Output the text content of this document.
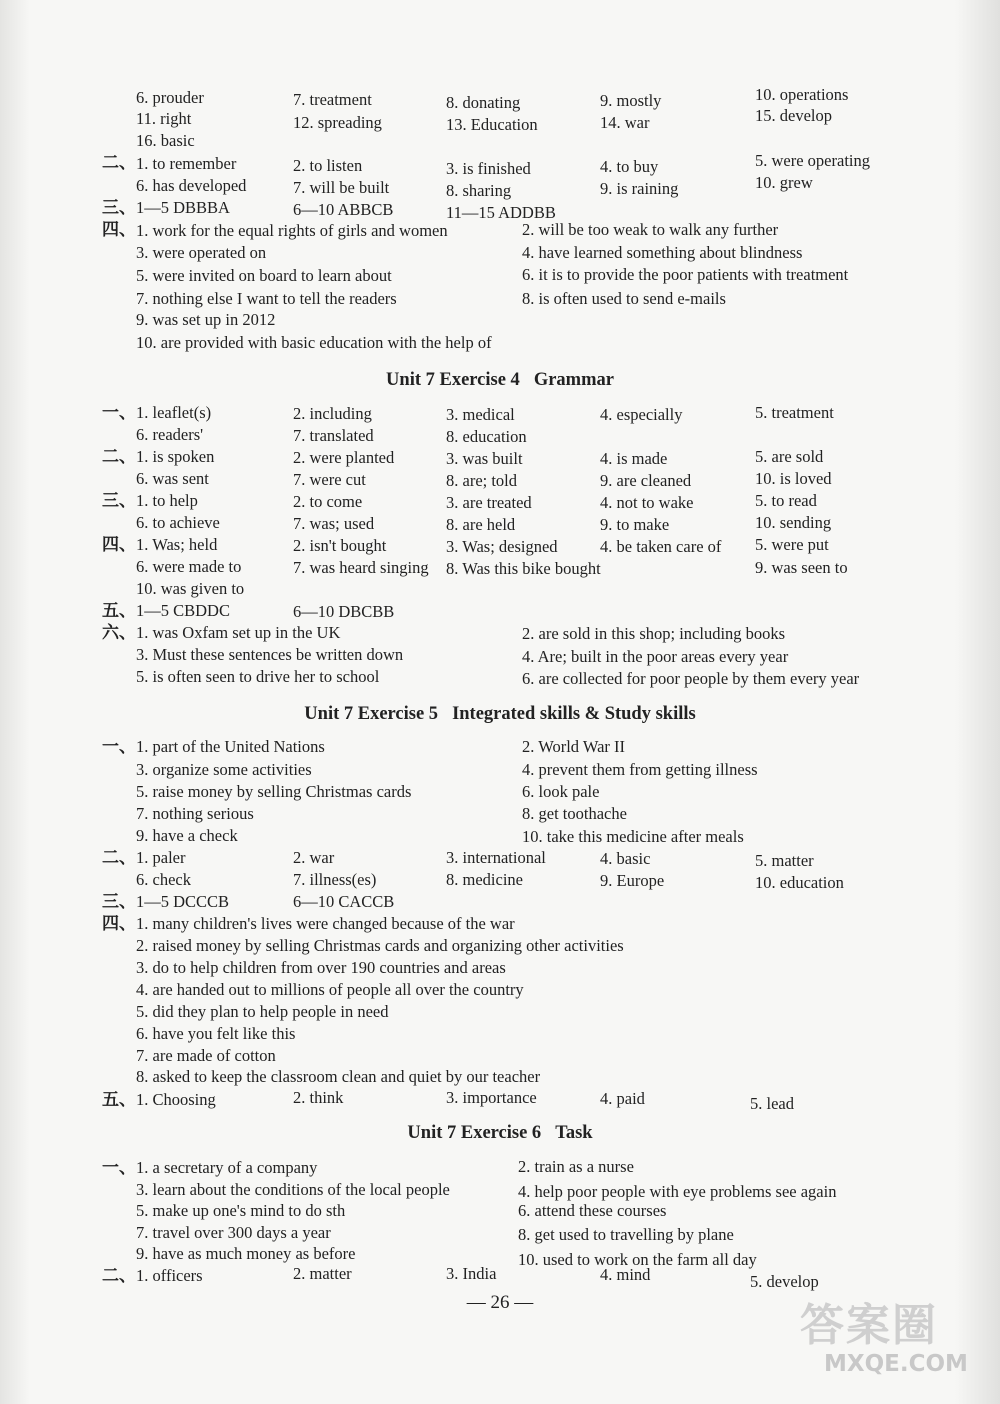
6. prouder	7. treatment	8. donating	9. mostly	10. operations
11. right	12. spreading	13. Education	14. war	15. develop
16. basic
二、 1. to remember	2. to listen	3. is finished	4. to buy	5. were operating
6. has developed	7. will be built	8. sharing	9. is raining	10. grew
三、 1—5 DBBBA	6—10 ABBCB	11—15 ADDBB
四、 1. work for the equal rights of girls and women	2. will be too weak to walk any further
3. were operated on	4. have learned something about blindness
5. were invited on board to learn about	6. it is to provide the poor patients with treatment
7. nothing else I want to tell the readers	8. is often used to send e-mails
9. was set up in 2012
10. are provided with basic education with the help of
Unit 7 Exercise 4 Grammar
一、 1. leaflet(s)	2. including	3. medical	4. especially	5. treatment
6. readers'	7. translated	8. education
二、 1. is spoken	2. were planted	3. was built	4. is made	5. are sold
6. was sent	7. were cut	8. are; told	9. are cleaned	10. is loved
三、 1. to help	2. to come	3. are treated	4. not to wake	5. to read
6. to achieve	7. was; used	8. are held	9. to make	10. sending
四、 1. Was; held	2. isn't bought	3. Was; designed	4. be taken care of 5. were put
6. were made to	7. was heard singing 8. Was this bike bought	9. was seen to
10. was given to
五、 1—5 CBDDC	6—10 DBCBB
六、 1. was Oxfam set up in the UK	2. are sold in this shop; including books
3. Must these sentences be written down	4. Are; built in the poor areas every year
5. is often seen to drive her to school	6. are collected for poor people by them every year
Unit 7 Exercise 5 Integrated skills & Study skills
一、 1. part of the United Nations	2. World War II
3. organize some activities	4. prevent them from getting illness
5. raise money by selling Christmas cards	6. look pale
7. nothing serious	8. get toothache
9. have a check	10. take this medicine after meals
二、 1. paler	2. war	3. international	4. basic	5. matter
6. check	7. illness(es)	8. medicine	9. Europe	10. education
三、 1—5 DCCCB	6—10 CACCB
四、 1. many children's lives were changed because of the war
2. raised money by selling Christmas cards and organizing other activities
3. do to help children from over 190 countries and areas
4. are handed out to millions of people all over the country
5. did they plan to help people in need
6. have you felt like this
7. are made of cotton
8. asked to keep the classroom clean and quiet by our teacher
五、 1. Choosing	2. think	3. importance	4. paid	5. lead
Unit 7 Exercise 6 Task
一、 1. a secretary of a company	2. train as a nurse
3. learn about the conditions of the local people	4. help poor people with eye problems see again
5. make up one's mind to do sth	6. attend these courses
7. travel over 300 days a year	8. get used to travelling by plane
9. have as much money as before	10. used to work on the farm all day
二、 1. officers	2. matter	3. India	4. mind	5. develop
— 26 —	答案圈
MXQE.COM
